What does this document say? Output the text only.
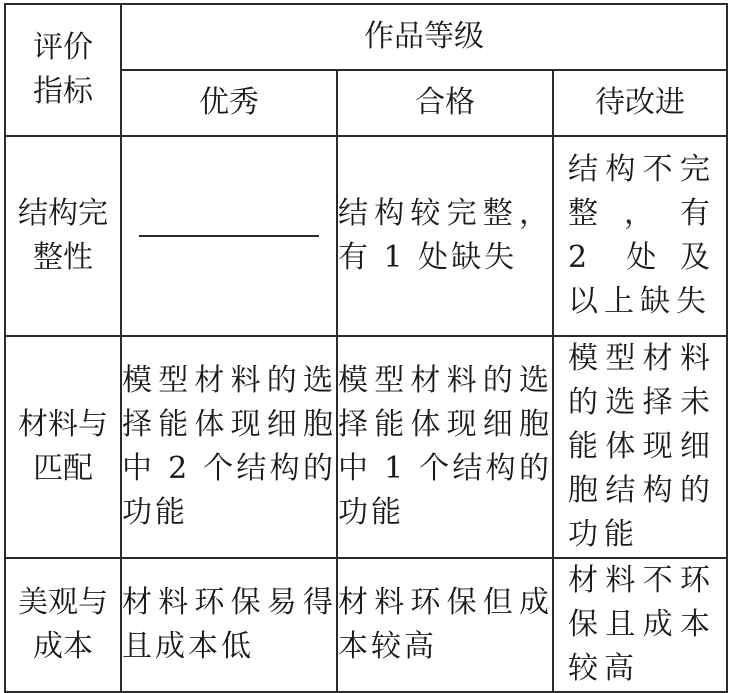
评价
指标	作品等级		
	优秀	合格	待改进

结构完
整性		结构较完整，有 1 处缺失	结构不完整，有 2 处及以上缺失

材料与
匹配	模型材料的选择能体现细胞中 2 个结构的功能	模型材料的选择能体现细胞中 1 个结构的功能	模型材料的选择未能体现细胞结构的功能

美观与
成本	材料环保易得且成本低	材料环保但成本较高	材料不环保且成本较高
